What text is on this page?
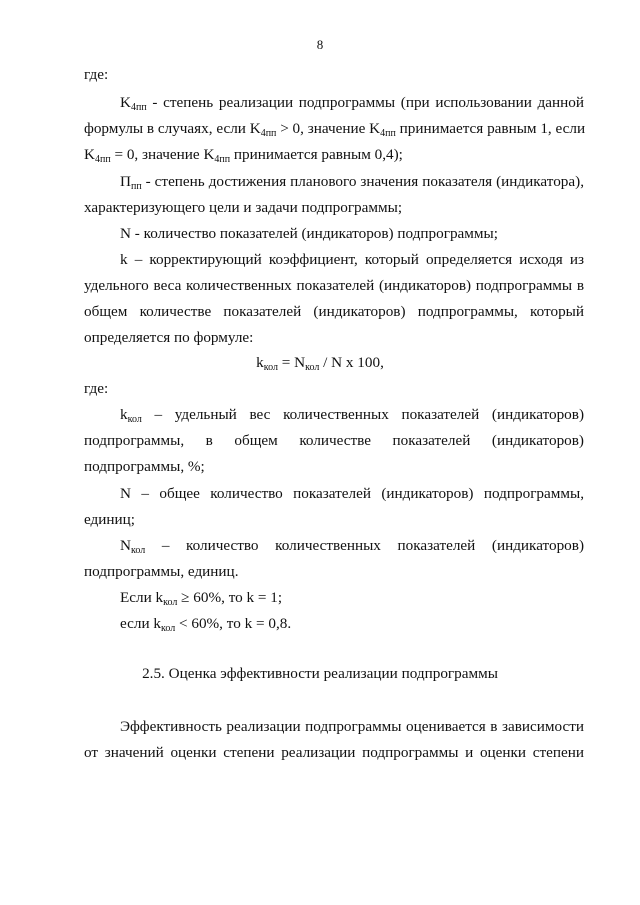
8
где:
$K_{4пп}$ - степень реализации подпрограммы (при использовании данной
формулы в случаях, если $K_{4пп} > 0$, значение $K_{4пп}$ принимается равным 1, если
$K_{4пп} = 0$, значение $K_{4пп}$ принимается равным 0,4);
$П_{пп}$ - степень достижения планового значения показателя (индикатора),
характеризующего цели и задачи подпрограммы;
N - количество показателей (индикаторов) подпрограммы;
k – корректирующий коэффициент, который определяется исходя из
удельного веса количественных показателей (индикаторов) подпрограммы в
общем количестве показателей (индикаторов) подпрограммы, который
определяется по формуле:
$k_{кол} = N_{кол} / N$ x 100,
где:
$k_{кол}$ – удельный вес количественных показателей (индикаторов)
подпрограммы, в общем количестве показателей (индикаторов)
подпрограммы, %;
N – общее количество показателей (индикаторов) подпрограммы,
единиц;
$N_{кол}$ – количество количественных показателей (индикаторов)
подпрограммы, единиц.
Если $k_{кол} \ge 60\%$, то k = 1;
если $k_{кол} < 60\%$, то k = 0,8.
2.5. Оценка эффективности реализации подпрограммы
Эффективность реализации подпрограммы оценивается в зависимости
от значений оценки степени реализации подпрограммы и оценки степени
